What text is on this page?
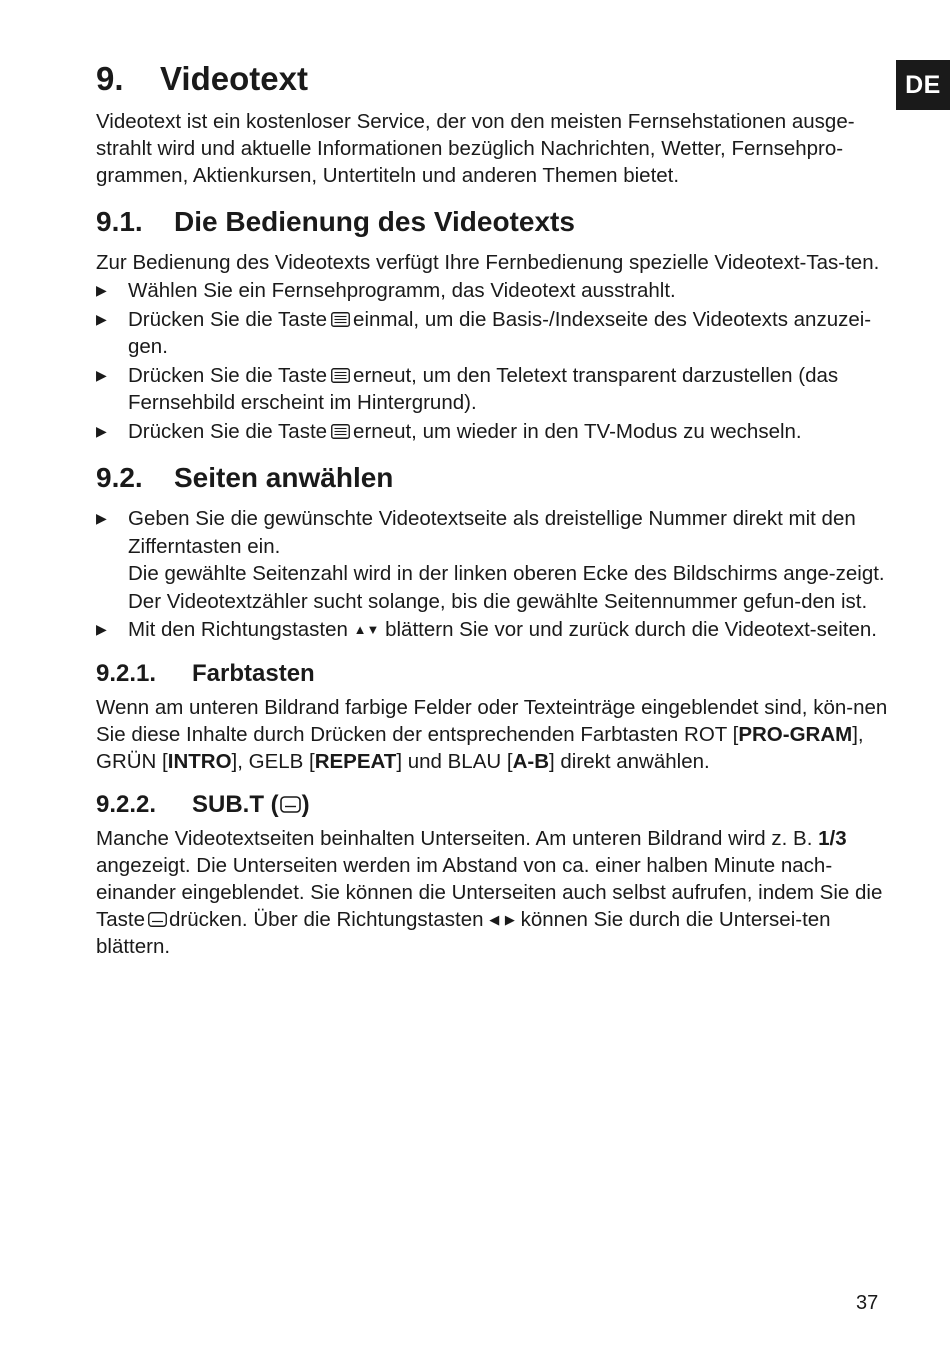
DE
9.	Videotext

Videotext ist ein kostenloser Service, der von den meisten Fernsehstationen ausge-strahlt wird und aktuelle Informationen bezüglich Nachrichten, Wetter, Fernsehpro-grammen, Aktienkursen, Untertiteln und anderen Themen bietet.

9.1.	Die Bedienung des Videotexts

Zur Bedienung des Videotexts verfügt Ihre Fernbedienung spezielle Videotext-Tas-ten.

▶	Wählen Sie ein Fernsehprogramm, das Videotext ausstrahlt.
▶	Drücken Sie die Taste einmal, um die Basis-/Indexseite des Videotexts anzuzei-gen.
▶	Drücken Sie die Taste erneut, um den Teletext transparent darzustellen (das Fernsehbild erscheint im Hintergrund).
▶	Drücken Sie die Taste erneut, um wieder in den TV-Modus zu wechseln.
9.2.	Seiten anwählen
▶	Geben Sie die gewünschte Videotextseite als dreistellige Nummer direkt mit den Zifferntasten ein.
Die gewählte Seitenzahl wird in der linken oberen Ecke des Bildschirms ange-zeigt. Der Videotextzähler sucht solange, bis die gewählte Seitennummer gefun-den ist.
▶	Mit den Richtungstasten ▲▼ blättern Sie vor und zurück durch die Videotext-seiten.
9.2.1.	Farbtasten

Wenn am unteren Bildrand farbige Felder oder Texteinträge eingeblendet sind, kön-nen Sie diese Inhalte durch Drücken der entsprechenden Farbtasten ROT [PRO-GRAM], GRÜN [INTRO], GELB [REPEAT] und BLAU [A-B] direkt anwählen.

9.2.2.	SUB.T ( )

Manche Videotextseiten beinhalten Unterseiten. Am unteren Bildrand wird z. B. 1/3 angezeigt. Die Unterseiten werden im Abstand von ca. einer halben Minute nach-einander eingeblendet. Sie können die Unterseiten auch selbst aufrufen, indem Sie die Taste drücken. Über die Richtungstasten ◀ ▶ können Sie durch die Untersei-ten blättern.

37
